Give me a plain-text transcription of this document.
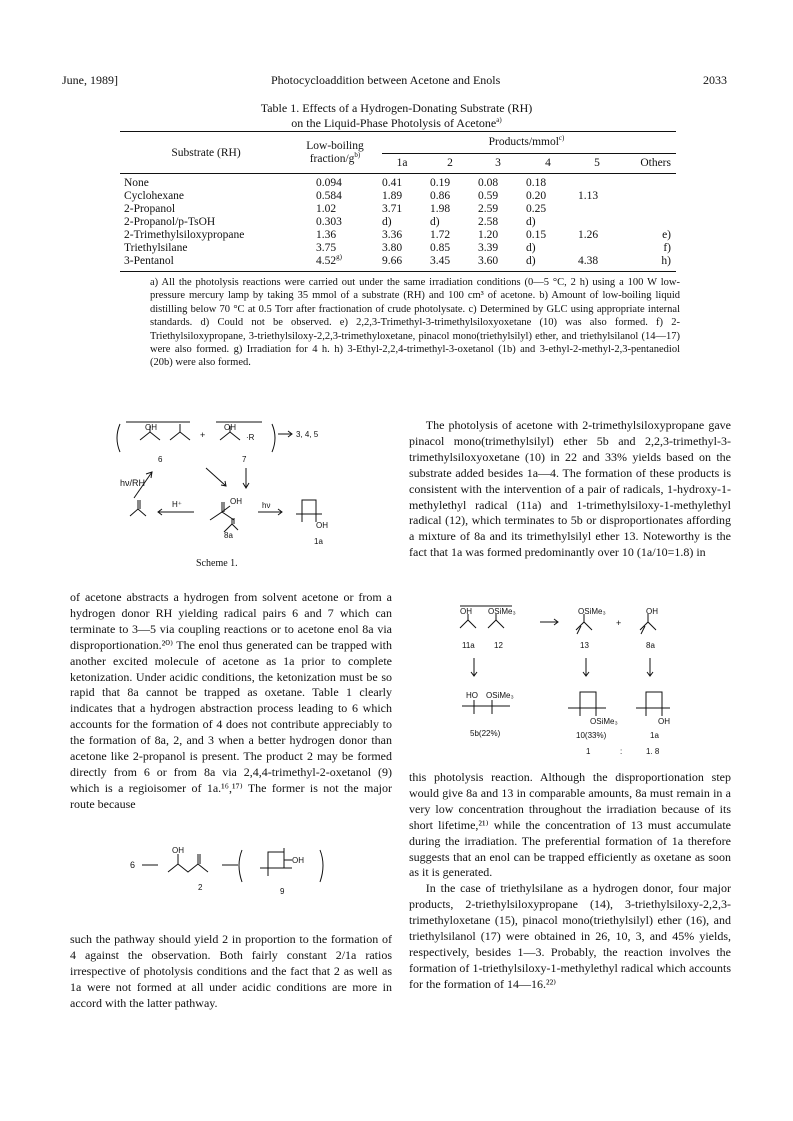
June, 1989]	Photocycloaddition between Acetone and Enols	2033
Table 1. Effects of a Hydrogen-Donating Substrate (RH)
on the Liquid-Phase Photolysis of Acetone$^{a)}$
Substrate (RH)	Low-boiling
fraction/$g^{b)}$	Products/mmol$^{c)}$
		1a	2	3	4	5	Others

None	0.094	0.41	0.19	0.08	0.18		
Cyclohexane	0.584	1.89	0.86	0.59	0.20	1.13	
2-Propanol	1.02	3.71	1.98	2.59	0.25		
2-Propanol/p-TsOH	0.303	d)	d)	2.58	d)		
2-Trimethylsiloxypropane	1.36	3.36	1.72	1.20	0.15	1.26	e)
Triethylsilane	3.75	3.80	0.85	3.39	d)		f)
3-Pentanol	4.52$^{g)}$	9.66	3.45	3.60	d)	4.38	h)
a) All the photolysis reactions were carried out under the same irradiation conditions (0—5 °C, 2 h) using a 100 W low-pressure mercury lamp by taking 35 mmol of a substrate (RH) and 100 cm³ of acetone. b) Amount of low-boiling liquid distilling below 70 °C at 0.5 Torr after fractionation of crude photolysate. c) Determined by GLC using appropriate internal standards. d) Could not be observed. e) 2,2,3-Trimethyl-3-trimethylsiloxyoxetane (10) was also formed. f) 2-Triethylsiloxypropane, 3-triethylsiloxy-2,2,3-trimethyloxetane, pinacol mono(triethylsilyl) ether, and triethylsilanol (14—17) were also formed. g) Irradiation for 4 h. h) 3-Ethyl-2,2,4-trimethyl-3-oxetanol (1b) and 3-ethyl-2-methyl-2,3-pentanediol (20b) were also formed.
OH
+
OH
·R
6	7
3, 4, 5
hν/RH
H⁺	OH
8a
hν
OH
1a
Scheme 1.

of acetone abstracts a hydrogen from solvent acetone or from a hydrogen donor RH yielding radical pairs 6 and 7 which can terminate to 3—5 via coupling reactions or to acetone enol 8a via disproportionation.²⁰⁾ The enol thus generated can be trapped with another excited molecule of acetone as 1a prior to complete ketonization. Under acidic conditions, the ketonization must be so rapid that 8a cannot be trapped as oxetane. Table 1 clearly indicates that a hydrogen abstraction process leading to 6 which accounts for the formation of 4 does not contribute appreciably to the formation of 8a, 2, and 3 when a better hydrogen donor than acetone like 2-propanol is present. The product 2 may be formed directly from 6 or from 8a via 2,4,4-trimethyl-2-oxetanol (9) which is a regioisomer of 1a.¹⁶,¹⁷⁾ The former is not the major route because

6
OH
2
OH
9

such the pathway should yield 2 in proportion to the formation of 4 against the observation. Both fairly constant 2/1a ratios irrespective of photolysis conditions and the fact that 2 as well as 1a were not formed at all under acidic conditions are more in accord with the latter pathway.

The photolysis of acetone with 2-trimethylsiloxypropane gave pinacol mono(trimethylsilyl) ether 5b and 2,2,3-trimethyl-3-trimethylsiloxyoxetane (10) in 22 and 33% yields based on the substrate added besides 1a—4. The formation of these products is consistent with the intervention of a pair of radicals, 1-hydroxy-1-methylethyl radical (11a) and 1-trimethylsiloxy-1-methylethyl radical (12), which terminates to 5b or disproportionates affording a mixture of 8a and its trimethylsilyl ether 13. Noteworthy is the fact that 1a was formed predominantly over 10 (1a/10=1.8) in

OH OSiMe₃
11a 12
OSiMe₃
13
+
OH
8a
HO OSiMe₃
5b(22%)
OSiMe₃
10(33%)
1
OH
1a
:	1. 8

this photolysis reaction. Although the disproportionation step would give 8a and 13 in comparable amounts, 8a must remain in a very low concentration throughout the irradiation because of its short lifetime,²¹⁾ while the concentration of 13 must accumulate during the irradiation. The preferential formation of 1a therefore suggests that an enol can be trapped efficiently as oxetane as soon as it is generated.

In the case of triethylsilane as a hydrogen donor, four major products, 2-triethylsiloxypropane (14), 3-triethylsiloxy-2,2,3-trimethyloxetane (15), pinacol mono(triethylsilyl) ether (16), and triethylsilanol (17) were obtained in 26, 10, 3, and 45% yields, respectively, besides 1—3. Probably, the reaction involves the formation of 1-triethylsiloxy-1-methylethyl radical which accounts for the formation of 14—16.²²⁾
